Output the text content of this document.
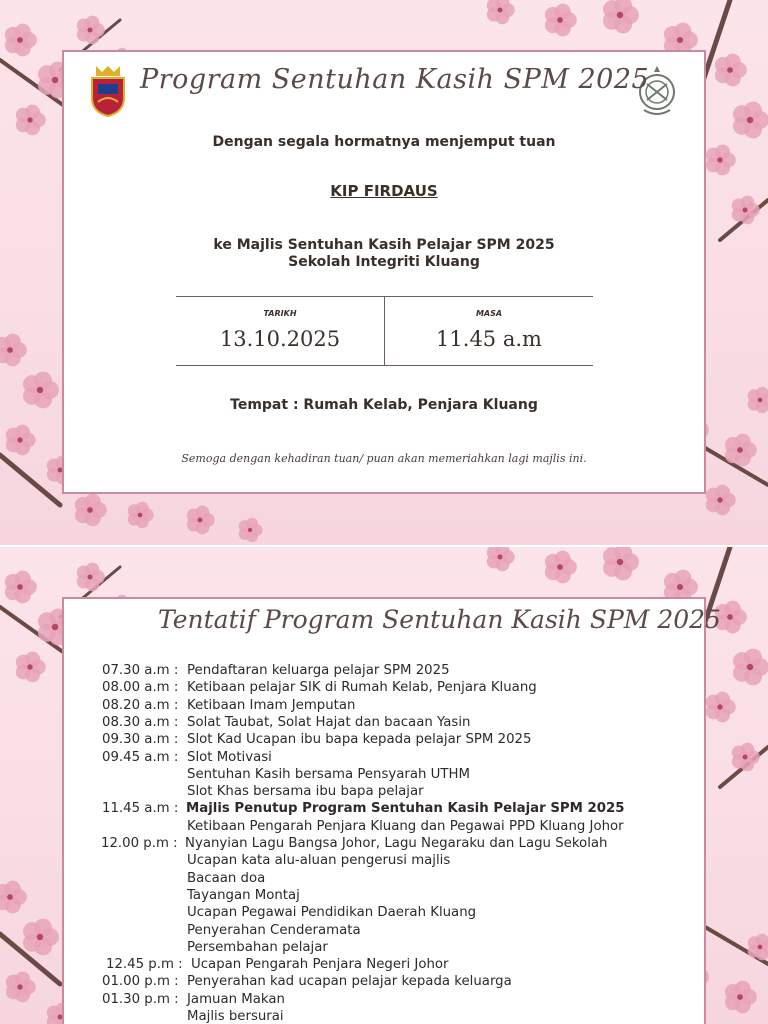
Program Sentuhan Kasih SPM 2025
Dengan segala hormatnya menjemput tuan
KIP FIRDAUS
ke Majlis Sentuhan Kasih Pelajar SPM 2025
Sekolah Integriti Kluang
TARIKH
13.10.2025
MASA
11.45 a.m
Tempat : Rumah Kelab, Penjara Kluang
Semoga dengan kehadiran tuan/ puan akan memeriahkan lagi majlis ini.
Tentatif Program Sentuhan Kasih SPM 2025
07.30 a.m : Pendaftaran keluarga pelajar SPM 2025
08.00 a.m : Ketibaan pelajar SIK di Rumah Kelab, Penjara Kluang
08.20 a.m : Ketibaan Imam Jemputan
08.30 a.m : Solat Taubat, Solat Hajat dan bacaan Yasin
09.30 a.m : Slot Kad Ucapan ibu bapa kepada pelajar SPM 2025
09.45 a.m : Slot Motivasi
Sentuhan Kasih bersama Pensyarah UTHM
Slot Khas bersama ibu bapa pelajar
11.45 a.m : Majlis Penutup Program Sentuhan Kasih Pelajar SPM 2025
Ketibaan Pengarah Penjara Kluang dan Pegawai PPD Kluang Johor
12.00 p.m : Nyanyian Lagu Bangsa Johor, Lagu Negaraku dan Lagu Sekolah
Ucapan kata alu-aluan pengerusi majlis
Bacaan doa
Tayangan Montaj
Ucapan Pegawai Pendidikan Daerah Kluang
Penyerahan Cenderamata
Persembahan pelajar
12.45 p.m : Ucapan Pengarah Penjara Negeri Johor
01.00 p.m : Penyerahan kad ucapan pelajar kepada keluarga
01.30 p.m : Jamuan Makan
Majlis bersurai
